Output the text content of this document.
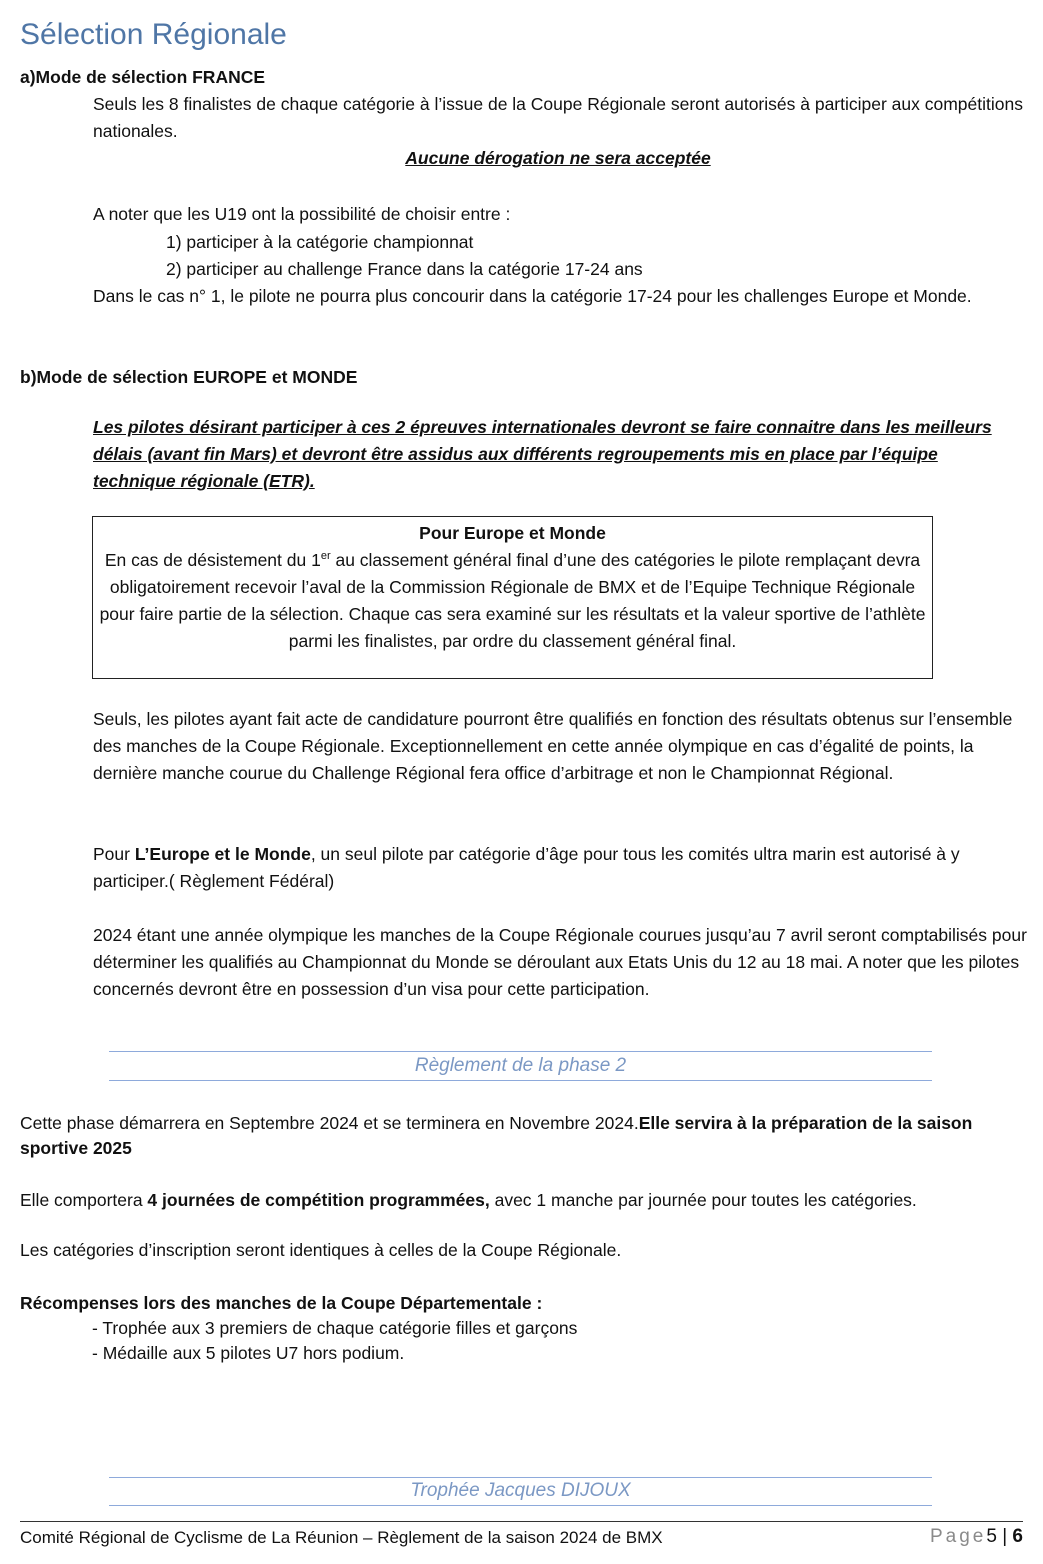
Sélection Régionale
a)Mode de sélection FRANCE
Seuls les 8 finalistes de chaque catégorie à l’issue de la Coupe Régionale seront autorisés à participer aux compétitions nationales.
Aucune dérogation ne sera acceptée
A noter que les U19 ont la possibilité de choisir entre :
1) participer à la catégorie championnat
2) participer au challenge France dans la catégorie 17-24 ans
Dans le cas n° 1, le pilote ne pourra plus concourir dans la catégorie 17-24 pour les challenges Europe et Monde.
b)Mode de sélection EUROPE et MONDE
Les pilotes désirant participer à ces 2 épreuves internationales devront se faire connaitre dans les meilleurs délais (avant fin Mars) et devront être assidus aux différents regroupements mis en place par l’équipe technique régionale (ETR).
Pour Europe et Monde
En cas de désistement du 1er au classement général final d’une des catégories le pilote remplaçant devra obligatoirement recevoir l’aval de la Commission Régionale de BMX et de l’Equipe Technique Régionale pour faire partie de la sélection. Chaque cas sera examiné sur les résultats et la valeur sportive de l’athlète parmi les finalistes, par ordre du classement général final.
Seuls, les pilotes ayant fait acte de candidature pourront être qualifiés en fonction des résultats obtenus sur l’ensemble des manches de la Coupe Régionale. Exceptionnellement en cette année olympique en cas d’égalité de points, la dernière manche courue du Challenge Régional fera office d’arbitrage et non le Championnat Régional.
Pour L’Europe et le Monde, un seul pilote par catégorie d’âge pour tous les comités ultra marin est autorisé à y participer.( Règlement Fédéral)
2024 étant une année olympique les manches de la Coupe Régionale courues jusqu’au 7 avril seront comptabilisés pour déterminer les qualifiés au Championnat du Monde se déroulant aux Etats Unis du 12 au 18 mai. A noter que les pilotes concernés devront être en possession d’un visa pour cette participation.
Règlement de la phase 2
Cette phase démarrera en Septembre 2024 et se terminera en Novembre 2024.Elle servira à la préparation de la saison sportive 2025
Elle comportera 4 journées de compétition programmées, avec 1 manche par journée pour toutes les catégories.
Les catégories d’inscription seront identiques à celles de la Coupe Régionale.
Récompenses lors des manches de la Coupe Départementale :
- Trophée aux 3 premiers de chaque catégorie filles et garçons
- Médaille aux 5 pilotes U7 hors podium.
Trophée Jacques DIJOUX
Comité Régional de Cyclisme de La Réunion – Règlement de la saison 2024 de BMX	Page5 | 6
